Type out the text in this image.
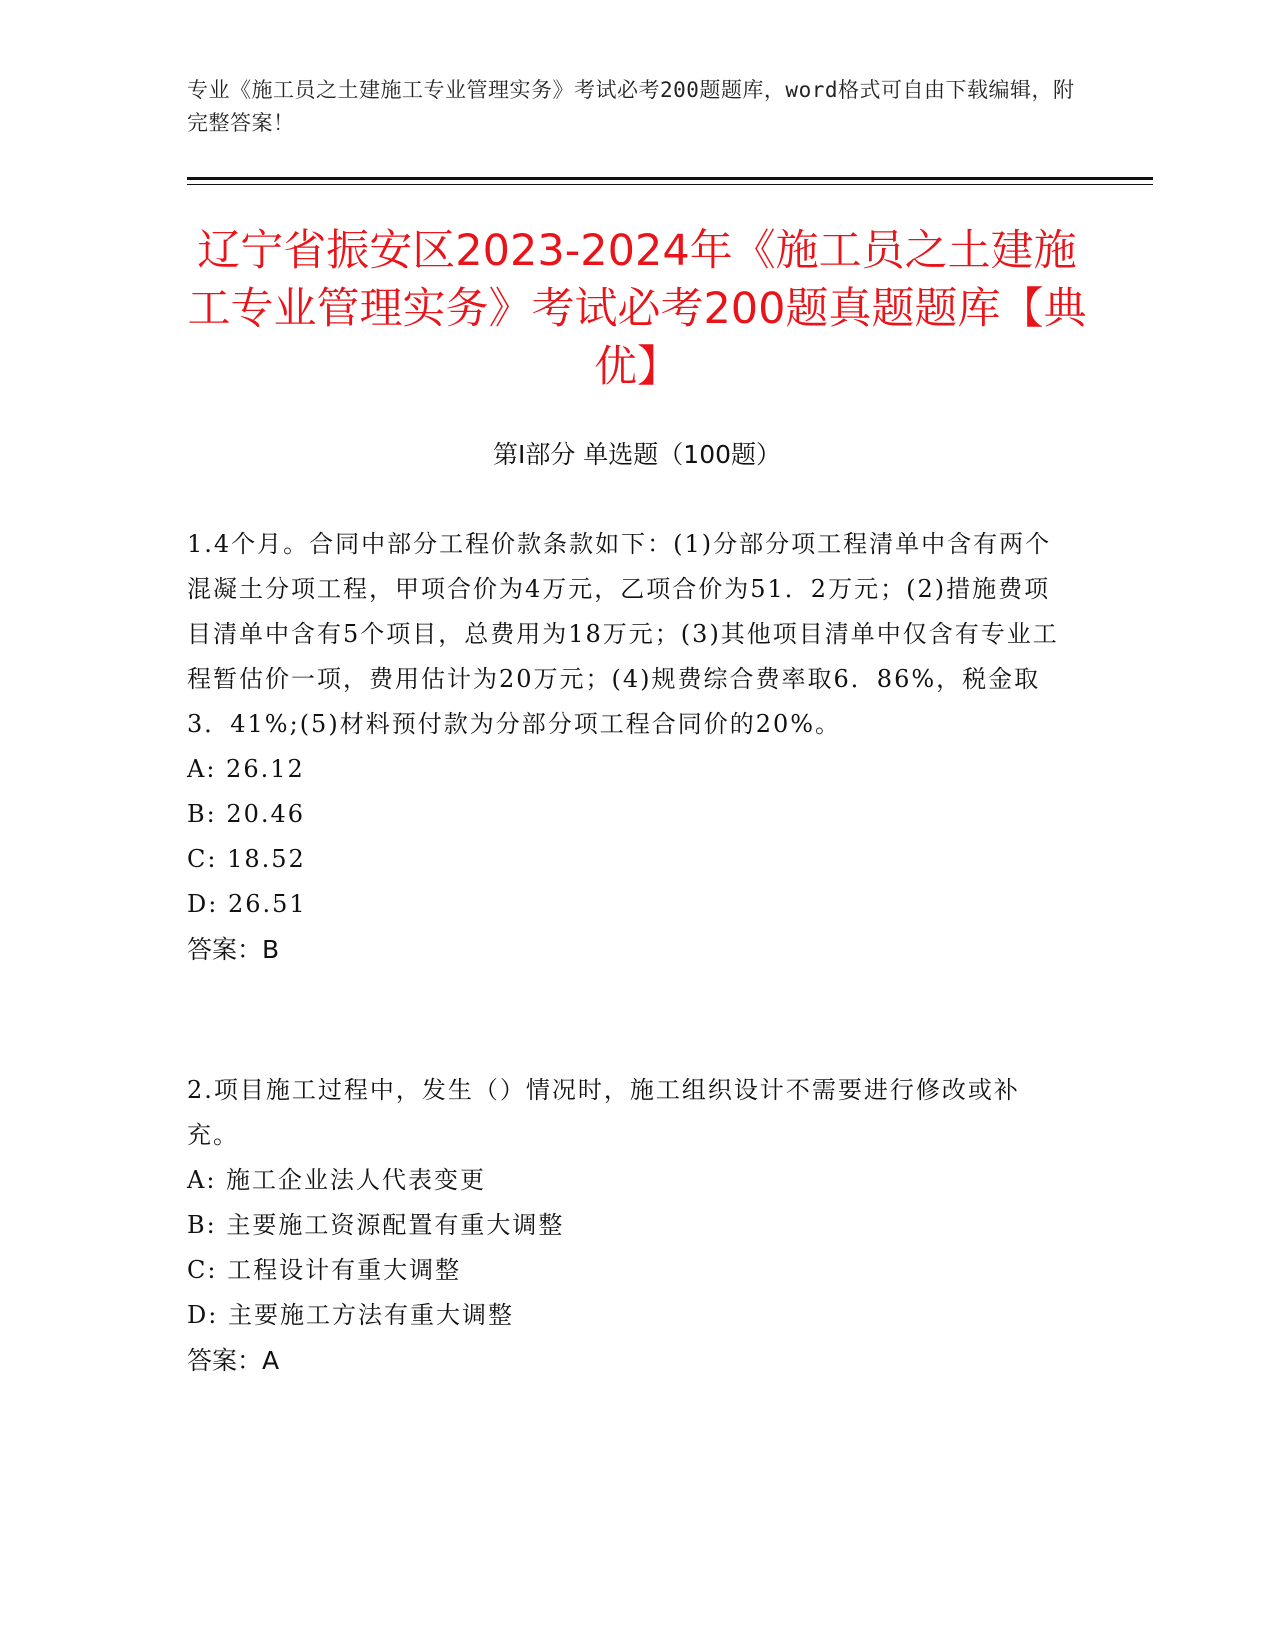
专业《施工员之土建施工专业管理实务》考试必考200题题库，word格式可自由下载编辑，附完整答案！
辽宁省振安区2023-2024年《施工员之土建施工专业管理实务》考试必考200题真题题库【典优】
第I部分 单选题（100题）

1.4个月。合同中部分工程价款条款如下：(1)分部分项工程清单中含有两个混凝土分项工程，甲项合价为4万元，乙项合价为51．2万元；(2)措施费项目清单中含有5个项目，总费用为18万元；(3)其他项目清单中仅含有专业工程暂估价一项，费用估计为20万元；(4)规费综合费率取6．86%，税金取3．41%;(5)材料预付款为分部分项工程合同价的20%。

A: 26.12
B: 20.46
C: 18.52
D: 26.51

答案：B

2.项目施工过程中，发生（）情况时，施工组织设计不需要进行修改或补充。

A: 施工企业法人代表变更
B: 主要施工资源配置有重大调整
C: 工程设计有重大调整
D: 主要施工方法有重大调整

答案：A
